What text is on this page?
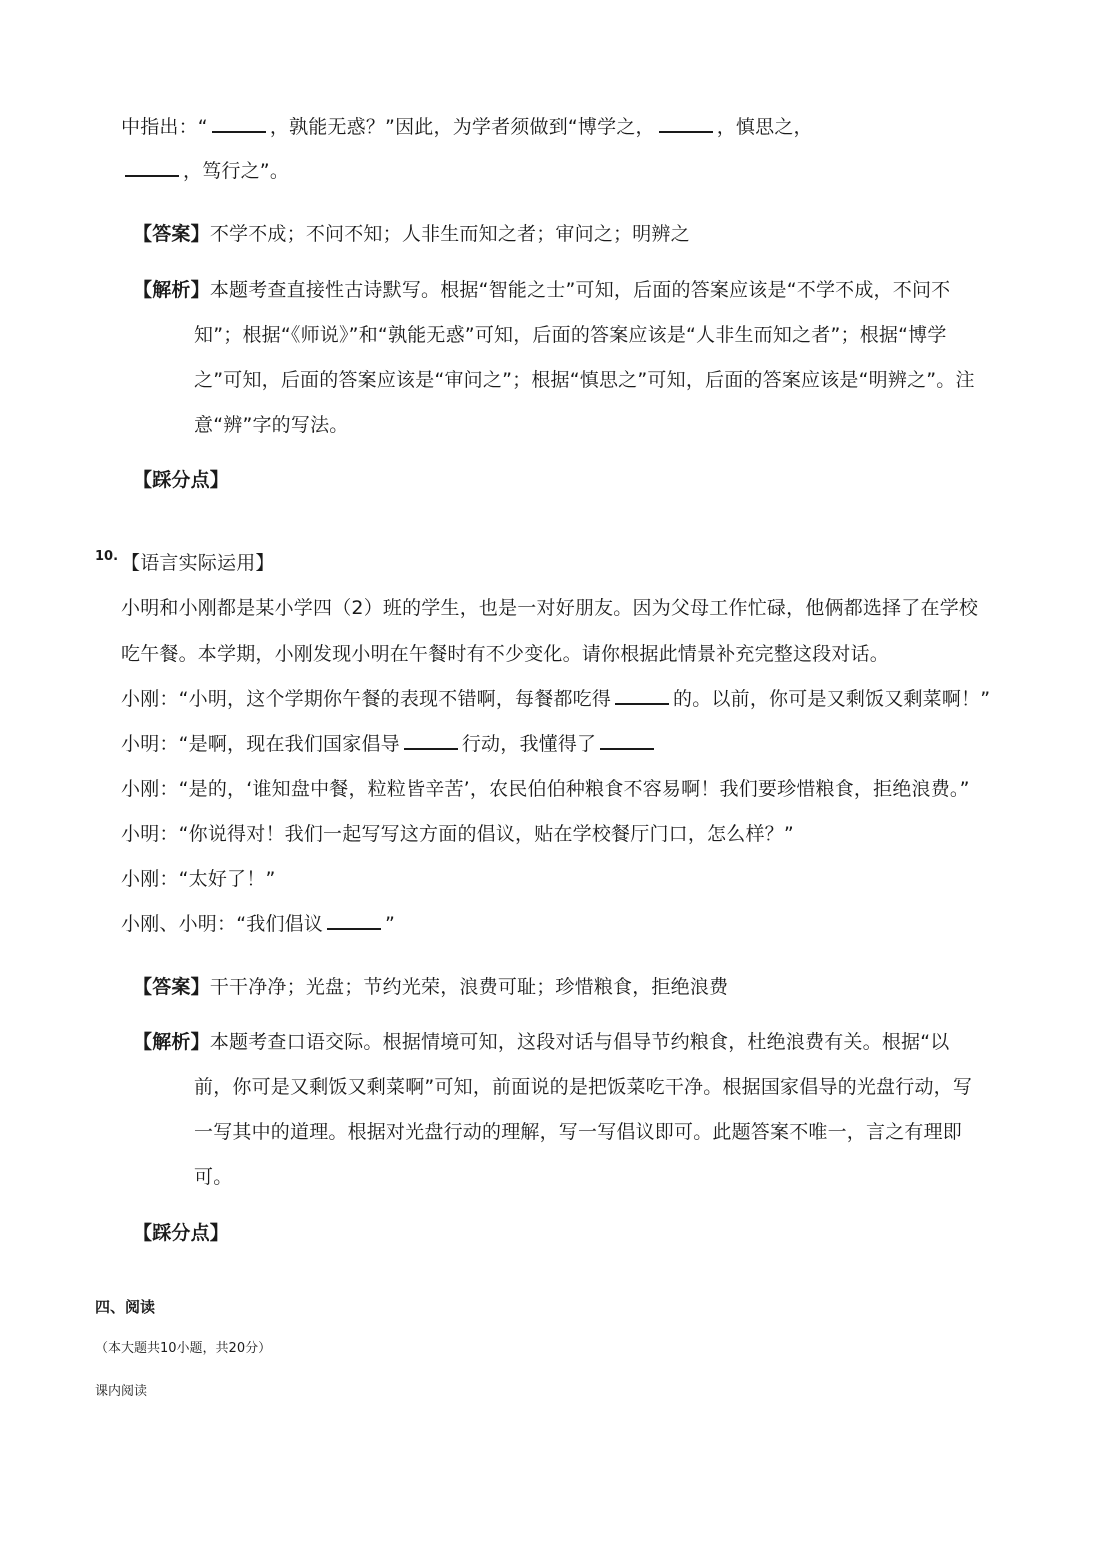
中指出：“	，孰能无惑？”因此，为学者须做到“博学之，	，慎思之，
，笃行之”。
【答案】不学不成；不问不知；人非生而知之者；审问之；明辨之
【解析】本题考查直接性古诗默写。根据“智能之士”可知，后面的答案应该是“不学不成，不问不
知”；根据“《师说》”和“孰能无惑”可知，后面的答案应该是“人非生而知之者”；根据“博学
之”可知，后面的答案应该是“审问之”；根据“慎思之”可知，后面的答案应该是“明辨之”。注
意“辨”字的写法。
【踩分点】
10. 【语言实际运用】
小明和小刚都是某小学四（2）班的学生，也是一对好朋友。因为父母工作忙碌，他俩都选择了在学校
吃午餐。本学期，小刚发现小明在午餐时有不少变化。请你根据此情景补充完整这段对话。
小刚：“小明，这个学期你午餐的表现不错啊，每餐都吃得	的。以前，你可是又剩饭又剩菜啊！”
小明：“是啊，现在我们国家倡导	行动，我懂得了
小刚：“是的，‘谁知盘中餐，粒粒皆辛苦’，农民伯伯种粮食不容易啊！我们要珍惜粮食，拒绝浪费。”
小明：“你说得对！我们一起写写这方面的倡议，贴在学校餐厅门口，怎么样？”
小刚：“太好了！”
小刚、小明：“我们倡议	”
【答案】干干净净；光盘；节约光荣，浪费可耻；珍惜粮食，拒绝浪费
【解析】本题考查口语交际。根据情境可知，这段对话与倡导节约粮食，杜绝浪费有关。根据“以
前，你可是又剩饭又剩菜啊”可知，前面说的是把饭菜吃干净。根据国家倡导的光盘行动，写
一写其中的道理。根据对光盘行动的理解，写一写倡议即可。此题答案不唯一，言之有理即
可。
【踩分点】
四、阅读
（本大题共10小题，共20分）
课内阅读
